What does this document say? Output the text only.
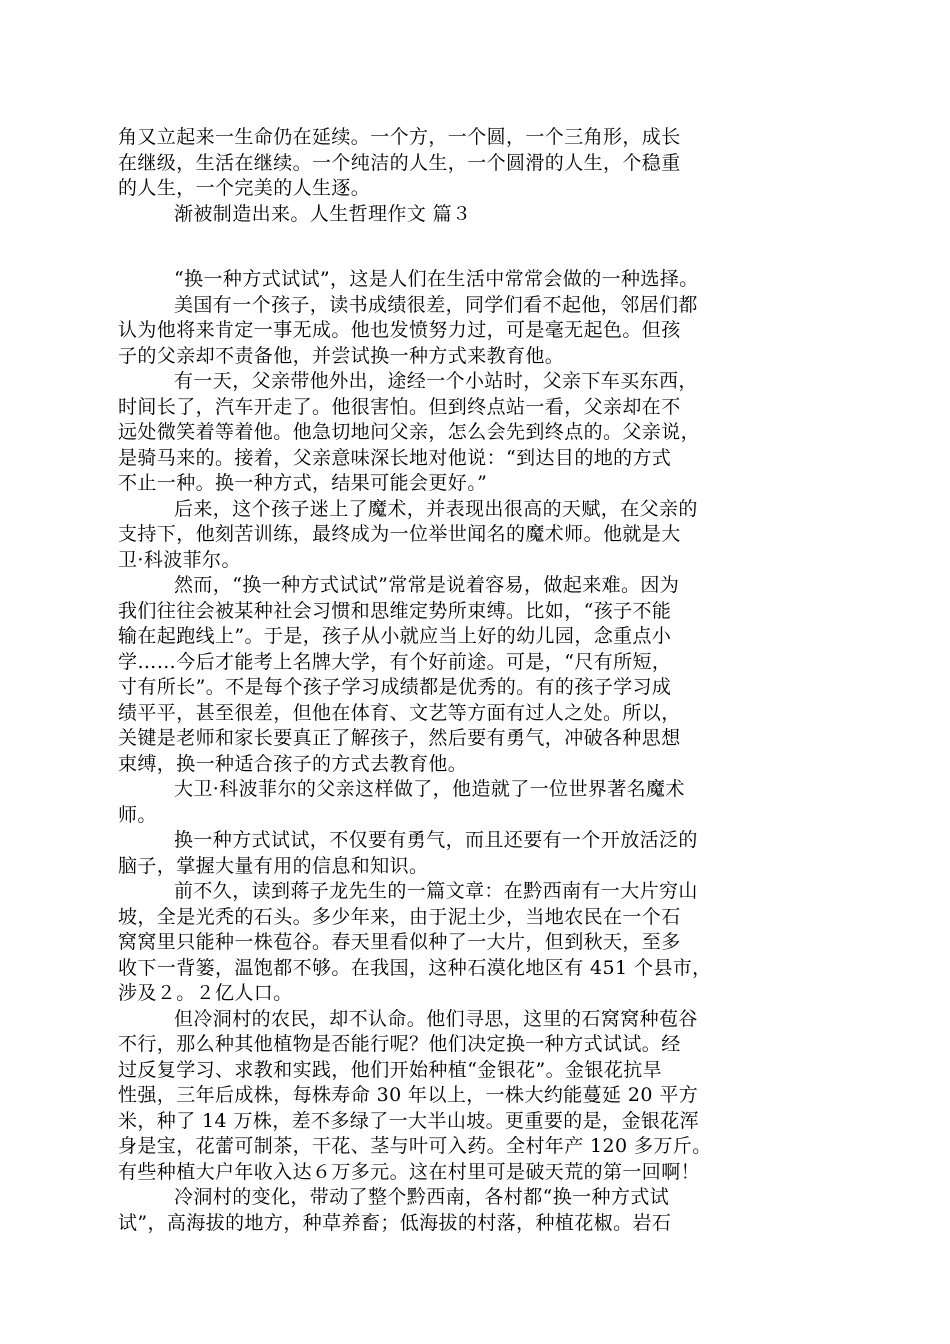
角又立起来一生命仍在延续。一个方，一个圆，一个三角形，成长
在继级，生活在继续。一个纯洁的人生，一个圆滑的人生，个稳重
的人生，一个完美的人生逐。
渐被制造出来。人生哲理作文 篇３
“换一种方式试试”，这是人们在生活中常常会做的一种选择。
美国有一个孩子，读书成绩很差，同学们看不起他，邻居们都
认为他将来肯定一事无成。他也发愤努力过，可是毫无起色。但孩
子的父亲却不责备他，并尝试换一种方式来教育他。
有一天，父亲带他外出，途经一个小站时，父亲下车买东西，
时间长了，汽车开走了。他很害怕。但到终点站一看，父亲却在不
远处微笑着等着他。他急切地问父亲，怎么会先到终点的。父亲说，
是骑马来的。接着，父亲意味深长地对他说：“到达目的地的方式
不止一种。换一种方式，结果可能会更好。”
后来，这个孩子迷上了魔术，并表现出很高的天赋，在父亲的
支持下，他刻苦训练，最终成为一位举世闻名的魔术师。他就是大
卫·科波菲尔。
然而，“换一种方式试试”常常是说着容易，做起来难。因为
我们往往会被某种社会习惯和思维定势所束缚。比如，“孩子不能
输在起跑线上”。于是，孩子从小就应当上好的幼儿园，念重点小
学……今后才能考上名牌大学，有个好前途。可是，“尺有所短，
寸有所长”。不是每个孩子学习成绩都是优秀的。有的孩子学习成
绩平平，甚至很差，但他在体育、文艺等方面有过人之处。所以，
关键是老师和家长要真正了解孩子，然后要有勇气，冲破各种思想
束缚，换一种适合孩子的方式去教育他。
大卫·科波菲尔的父亲这样做了，他造就了一位世界著名魔术
师。
换一种方式试试，不仅要有勇气，而且还要有一个开放活泛的
脑子，掌握大量有用的信息和知识。
前不久，读到蒋子龙先生的一篇文章：在黔西南有一大片穷山
坡，全是光秃的石头。多少年来，由于泥土少，当地农民在一个石
窝窝里只能种一株苞谷。春天里看似种了一大片，但到秋天，至多
收下一背篓，温饱都不够。在我国，这种石漠化地区有 451 个县市，
涉及２。２亿人口。
但冷洞村的农民，却不认命。他们寻思，这里的石窝窝种苞谷
不行，那么种其他植物是否能行呢？他们决定换一种方式试试。经
过反复学习、求教和实践，他们开始种植“金银花”。金银花抗旱
性强，三年后成株，每株寿命 30 年以上，一株大约能蔓延 20 平方
米，种了 14 万株，差不多绿了一大半山坡。更重要的是，金银花浑
身是宝，花蕾可制茶，干花、茎与叶可入药。全村年产 120 多万斤。
有些种植大户年收入达６万多元。这在村里可是破天荒的第一回啊！
冷洞村的变化，带动了整个黔西南，各村都“换一种方式试
试”，高海拔的地方，种草养畜；低海拔的村落，种植花椒。岩石
